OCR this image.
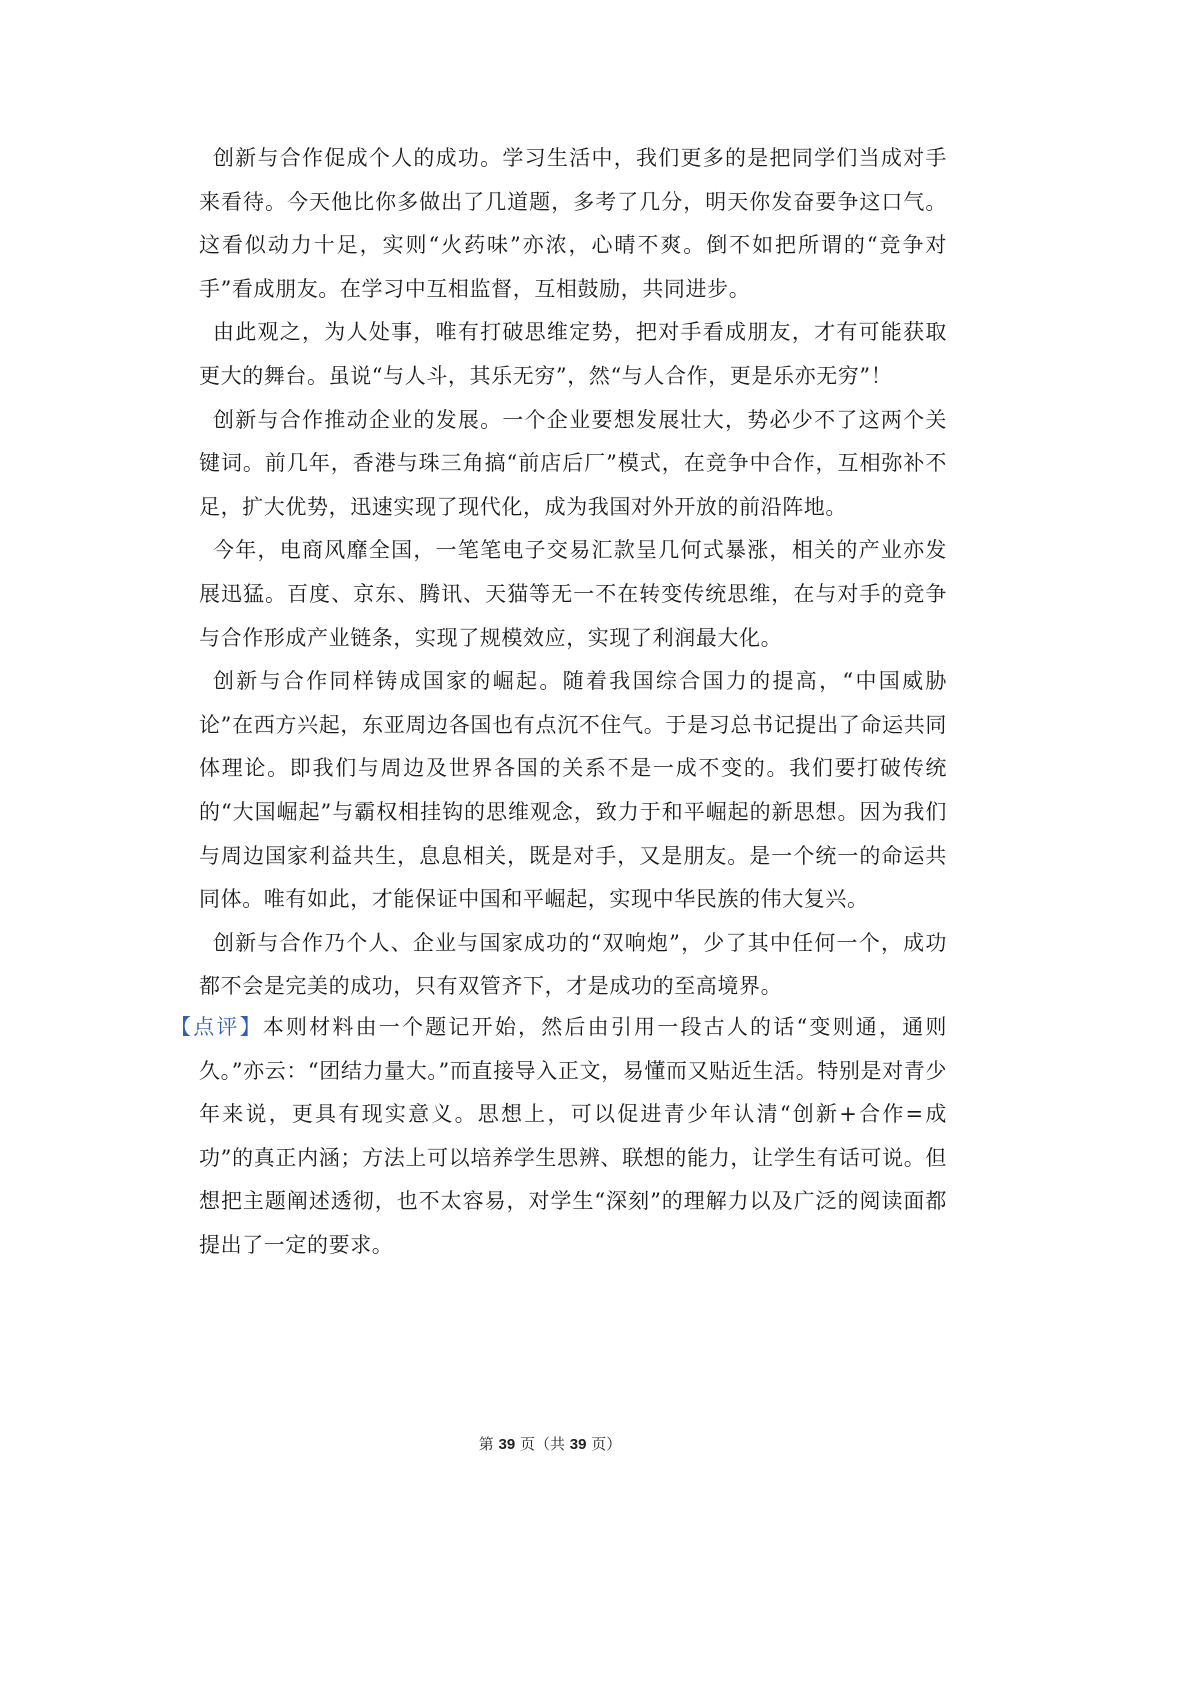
创新与合作促成个人的成功。学习生活中，我们更多的是把同学们当成对手来看待。今天他比你多做出了几道题，多考了几分，明天你发奋要争这口气。这看似动力十足，实则“火药味”亦浓，心晴不爽。倒不如把所谓的“竞争对手”看成朋友。在学习中互相监督，互相鼓励，共同进步。

由此观之，为人处事，唯有打破思维定势，把对手看成朋友，才有可能获取更大的舞台。虽说“与人斗，其乐无穷”，然“与人合作，更是乐亦无穷”！

创新与合作推动企业的发展。一个企业要想发展壮大，势必少不了这两个关键词。前几年，香港与珠三角搞“前店后厂”模式，在竞争中合作，互相弥补不足，扩大优势，迅速实现了现代化，成为我国对外开放的前沿阵地。

今年，电商风靡全国，一笔笔电子交易汇款呈几何式暴涨，相关的产业亦发展迅猛。百度、京东、腾讯、天猫等无一不在转变传统思维，在与对手的竞争与合作形成产业链条，实现了规模效应，实现了利润最大化。

创新与合作同样铸成国家的崛起。随着我国综合国力的提高，“中国威胁论”在西方兴起，东亚周边各国也有点沉不住气。于是习总书记提出了命运共同体理论。即我们与周边及世界各国的关系不是一成不变的。我们要打破传统的“大国崛起”与霸权相挂钩的思维观念，致力于和平崛起的新思想。因为我们与周边国家利益共生，息息相关，既是对手，又是朋友。是一个统一的命运共同体。唯有如此，才能保证中国和平崛起，实现中华民族的伟大复兴。

创新与合作乃个人、企业与国家成功的“双响炮”，少了其中任何一个，成功都不会是完美的成功，只有双管齐下，才是成功的至高境界。

【点评】本则材料由一个题记开始，然后由引用一段古人的话“变则通，通则久。”亦云：“团结力量大。”而直接导入正文，易懂而又贴近生活。特别是对青少年来说，更具有现实意义。思想上，可以促进青少年认清“创新+合作=成功”的真正内涵；方法上可以培养学生思辨、联想的能力，让学生有话可说。但想把主题阐述透彻，也不太容易，对学生“深刻”的理解力以及广泛的阅读面都提出了一定的要求。

第 39 页（共 39 页）
